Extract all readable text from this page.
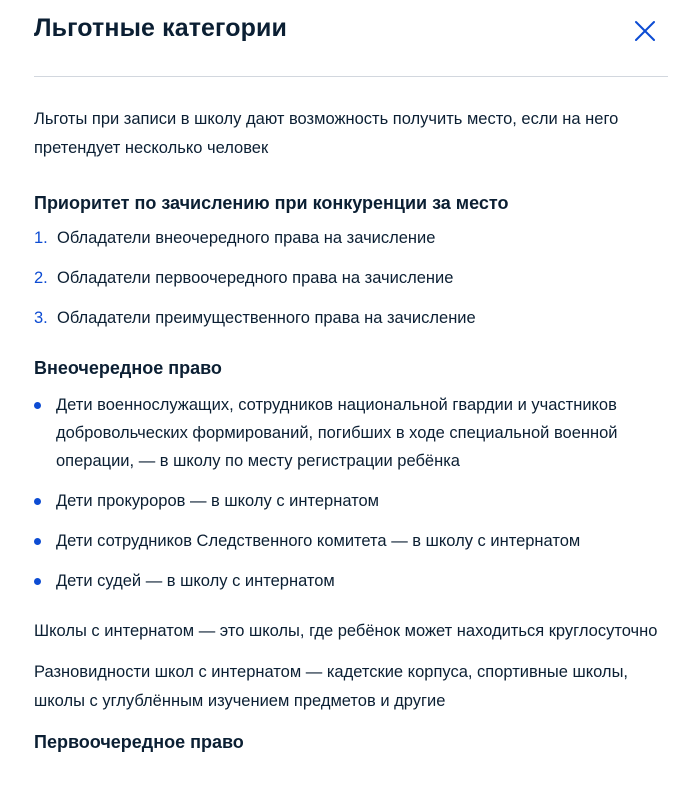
Льготные категории

Льготы при записи в школу дают возможность получить место, если на него претендует несколько человек

Приоритет по зачислению при конкуренции за место
1. Обладатели внеочередного права на зачисление
2. Обладатели первоочередного права на зачисление
3. Обладатели преимущественного права на зачисление
Внеочередное право
Дети военнослужащих, сотрудников национальной гвардии и участников добровольческих формирований, погибших в ходе специальной военной операции, — в школу по месту регистрации ребёнка
Дети прокуроров — в школу с интернатом
Дети сотрудников Следственного комитета — в школу с интернатом
Дети судей — в школу с интернатом

Школы с интернатом — это школы, где ребёнок может находиться круглосуточно

Разновидности школ с интернатом — кадетские корпуса, спортивные школы, школы с углублённым изучением предметов и другие

Первоочередное право
